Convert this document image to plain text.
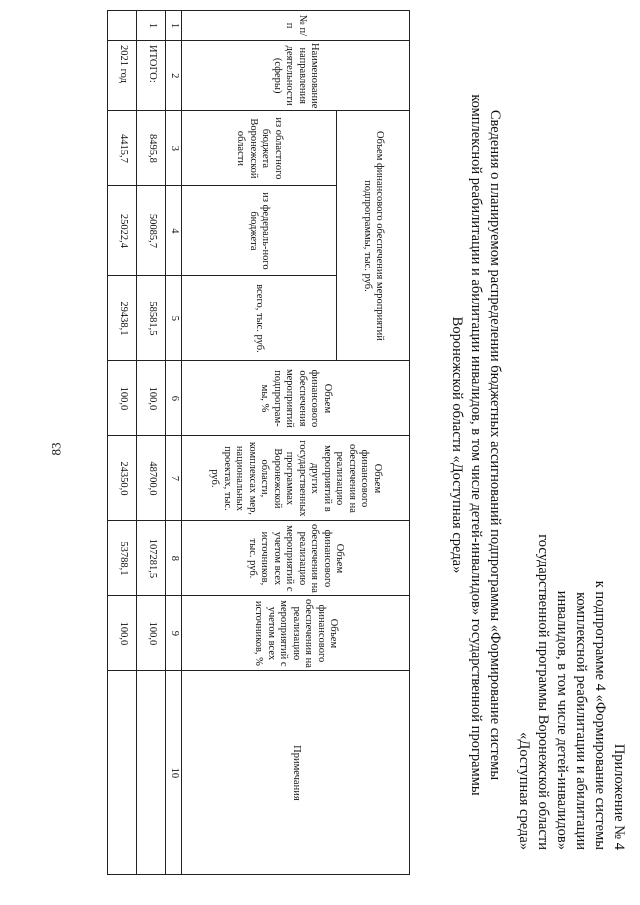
83
Приложение № 4
к подпрограмме 4 «Формирование системы
комплексной реабилитации и абилитации
инвалидов, в том числе детей-инвалидов»
государственной программы Воронежской области
«Доступная среда»
Сведения о планируемом распределении бюджетных ассигнований подпрограммы «Формирование системы
комплексной реабилитации и абилитации инвалидов, в том числе детей-инвалидов» государственной программы
Воронежской области «Доступная среда»
№ п/п	Наименование направления деятельности (сферы)	Объем финансового обеспечения мероприятий подпрограммы, тыс. руб.			Объем финансового обеспечения мероприятий подпрограм-мы, %	Объем финансового обеспечения на реализацию мероприятий в других государственных программах Воронежской области, комплексах мер, национальных проектах, тыс. руб.	Объем финансового обеспечения на реализацию мероприятий с учетом всех источников, тыс. руб.	Объем финансового обеспечения на реализацию мероприятий с учетом всех источников, %	Примечания
		из областного бюджета Воронежской области	из федераль-ного бюджета	всего, тыс. руб.					
1	2	3	4	5	6	7	8	9	10
1	ИТОГО:	8495,8	50085,7	58581,5	100,0	48700,0	107281,5	100,0	
	2021 год	4415,7	25022,4	29438,1	100,0	24350,0	53788,1	100,0	
